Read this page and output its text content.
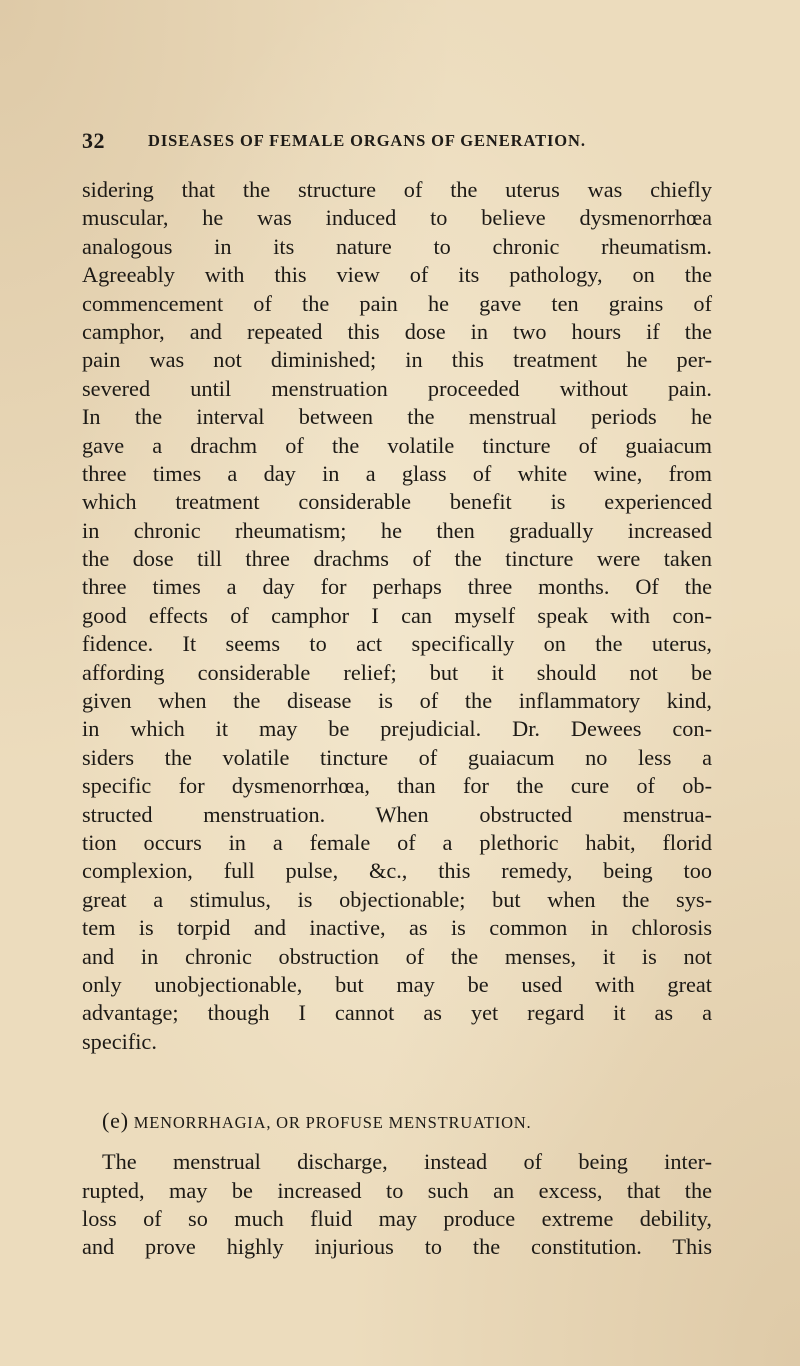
32	DISEASES OF FEMALE ORGANS OF GENERATION.
sidering that the structure of the uterus was chiefly
muscular, he was induced to believe dysmenorrhœa
analogous in its nature to chronic rheumatism.
Agreeably with this view of its pathology, on the
commencement of the pain he gave ten grains of
camphor, and repeated this dose in two hours if the
pain was not diminished; in this treatment he per-
severed until menstruation proceeded without pain.
In the interval between the menstrual periods he
gave a drachm of the volatile tincture of guaiacum
three times a day in a glass of white wine, from
which treatment considerable benefit is experienced
in chronic rheumatism; he then gradually increased
the dose till three drachms of the tincture were taken
three times a day for perhaps three months. Of the
good effects of camphor I can myself speak with con-
fidence. It seems to act specifically on the uterus,
affording considerable relief; but it should not be
given when the disease is of the inflammatory kind,
in which it may be prejudicial. Dr. Dewees con-
siders the volatile tincture of guaiacum no less a
specific for dysmenorrhœa, than for the cure of ob-
structed menstruation. When obstructed menstrua-
tion occurs in a female of a plethoric habit, florid
complexion, full pulse, &c., this remedy, being too
great a stimulus, is objectionable; but when the sys-
tem is torpid and inactive, as is common in chlorosis
and in chronic obstruction of the menses, it is not
only unobjectionable, but may be used with great
advantage; though I cannot as yet regard it as a
specific.
(e) MENORRHAGIA, OR PROFUSE MENSTRUATION.
The menstrual discharge, instead of being inter-
rupted, may be increased to such an excess, that the
loss of so much fluid may produce extreme debility,
and prove highly injurious to the constitution. This
